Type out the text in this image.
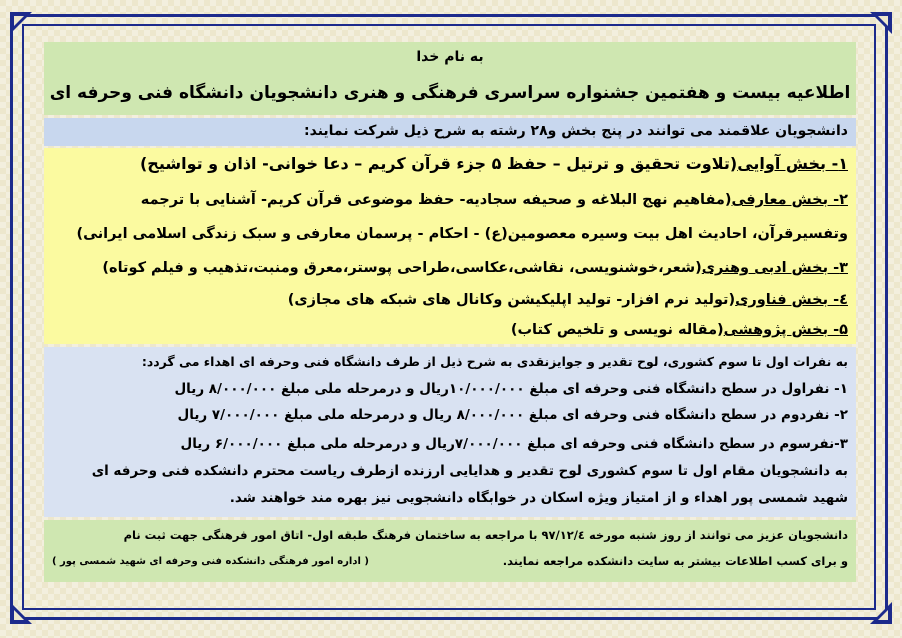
به نام خدا
اطلاعیه بیست و هفتمین جشنواره سراسری فرهنگی و هنری دانشجویان دانشگاه فنی وحرفه ای
دانشجویان علاقمند می توانند در پنج بخش و۲۸ رشته به شرح ذیل شرکت نمایند:
۱- بخش آوایی(تلاوت تحقیق و ترتیل – حفظ ۵ جزء قرآن کریم – دعا خوانی- اذان و تواشیح)
۲- بخش معارفی(مفاهیم نهج البلاغه و صحیفه سجادیه- حفظ موضوعی قرآن کریم- آشنایی با ترجمه
وتفسیرقرآن، احادیث اهل بیت وسیره معصومین(ع) - احکام - پرسمان معارفی و سبک زندگی اسلامی ایرانی)
۳- بخش ادبی وهنری(شعر،خوشنویسی، نقاشی،عکاسی،طراحی پوستر،معرق ومنبت،تذهیب و فیلم کوتاه)
٤- بخش فناوری(تولید نرم افزار- تولید اپلیکیشن وکانال های شبکه های مجازی)
۵- بخش پژوهشی(مقاله نویسی و تلخیص کتاب)
به نفرات اول تا سوم کشوری، لوح تقدیر و جوایزنقدی به شرح ذیل از طرف دانشگاه فنی وحرفه ای اهداء می گردد:
۱- نفراول در سطح دانشگاه فنی وحرفه ای مبلغ ۱۰/۰۰۰/۰۰۰ریال و درمرحله ملی مبلغ ۸/۰۰۰/۰۰۰ ریال
۲- نفردوم در سطح دانشگاه فنی وحرفه ای مبلغ ۸/۰۰۰/۰۰۰ ریال و درمرحله ملی مبلغ ۷/۰۰۰/۰۰۰ ریال
۳-نفرسوم در سطح دانشگاه فنی وحرفه ای مبلغ ۷/۰۰۰/۰۰۰ریال و درمرحله ملی مبلغ ۶/۰۰۰/۰۰۰ ریال
به دانشجویان مقام اول تا سوم کشوری لوح تقدیر و هدایایی ارزنده ازطرف ریاست محترم دانشکده فنی وحرفه ای
شهید شمسی پور اهداء و از امتیاز ویژه اسکان در خوابگاه دانشجویی نیز بهره مند خواهند شد.
دانشجویان عزیز می توانند از روز شنبه مورخه ۹۷/۱۲/٤ با مراجعه به ساختمان فرهنگ طبقه اول- اتاق امور فرهنگی جهت ثبت نام
و برای کسب اطلاعات بیشتر به سایت دانشکده مراجعه نمایند.
( اداره امور فرهنگی دانشکده فنی وحرفه ای شهید شمسی پور )
